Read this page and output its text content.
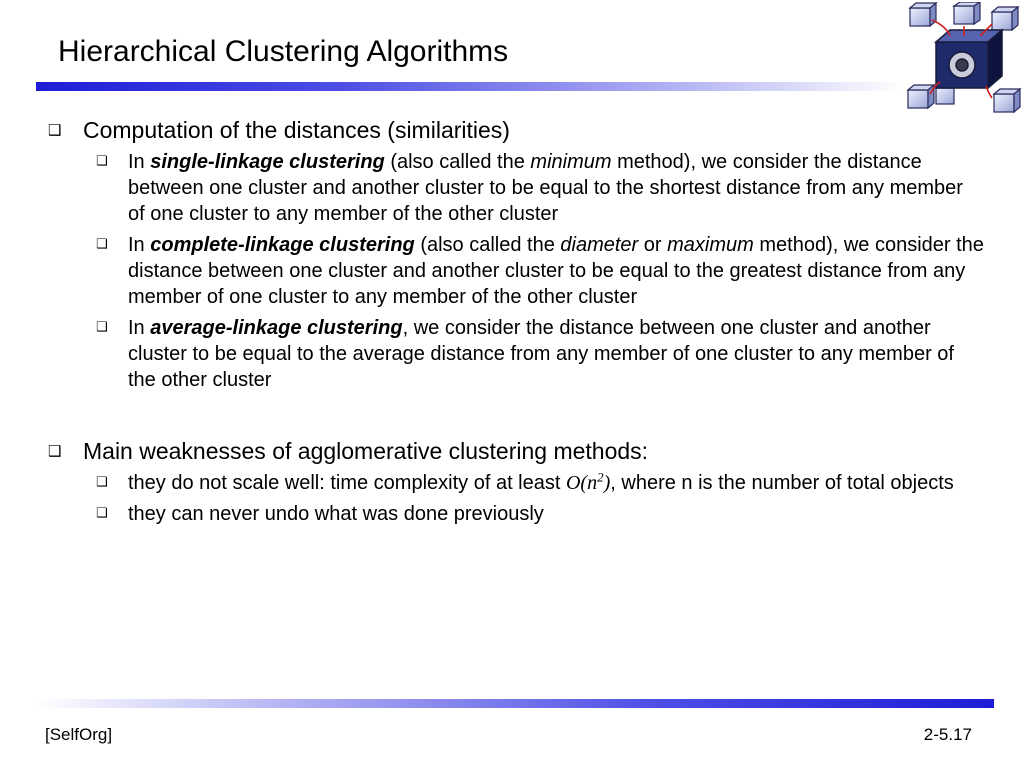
Hierarchical Clustering Algorithms
❑ Computation of the distances (similarities)
❑ In single-linkage clustering (also called the minimum method), we consider the distance between one cluster and another cluster to be equal to the shortest distance from any member of one cluster to any member of the other cluster
❑ In complete-linkage clustering (also called the diameter or maximum method), we consider the distance between one cluster and another cluster to be equal to the greatest distance from any member of one cluster to any member of the other cluster
❑ In average-linkage clustering, we consider the distance between one cluster and another cluster to be equal to the average distance from any member of one cluster to any member of the other cluster
❑ Main weaknesses of agglomerative clustering methods:
❑ they do not scale well: time complexity of at least $O(n^2)$, where n is the number of total objects
❑ they can never undo what was done previously
[SelfOrg]	2-5.17
